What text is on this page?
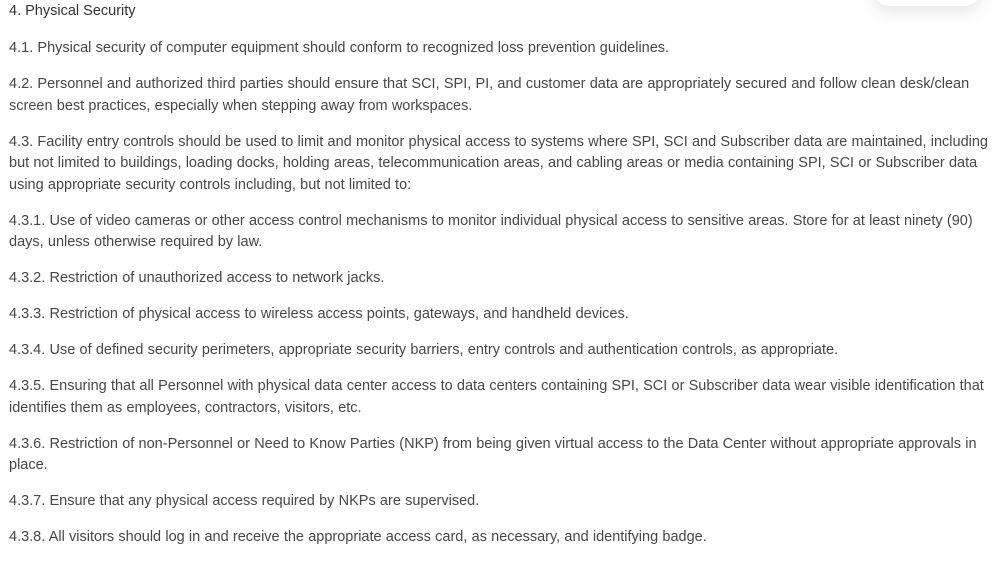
4. Physical Security

4.1. Physical security of computer equipment should conform to recognized loss prevention guidelines.

4.2. Personnel and authorized third parties should ensure that SCI, SPI, PI, and customer data are appropriately secured and follow clean desk/clean screen best practices, especially when stepping away from workspaces.

4.3. Facility entry controls should be used to limit and monitor physical access to systems where SPI, SCI and Subscriber data are maintained, including but not limited to buildings, loading docks, holding areas, telecommunication areas, and cabling areas or media containing SPI, SCI or Subscriber data using appropriate security controls including, but not limited to:

4.3.1. Use of video cameras or other access control mechanisms to monitor individual physical access to sensitive areas. Store for at least ninety (90) days, unless otherwise required by law.

4.3.2. Restriction of unauthorized access to network jacks.

4.3.3. Restriction of physical access to wireless access points, gateways, and handheld devices.

4.3.4. Use of defined security perimeters, appropriate security barriers, entry controls and authentication controls, as appropriate.

4.3.5. Ensuring that all Personnel with physical data center access to data centers containing SPI, SCI or Subscriber data wear visible identification that identifies them as employees, contractors, visitors, etc.

4.3.6. Restriction of non-Personnel or Need to Know Parties (NKP) from being given virtual access to the Data Center without appropriate approvals in place.

4.3.7. Ensure that any physical access required by NKPs are supervised.

4.3.8. All visitors should log in and receive the appropriate access card, as necessary, and identifying badge.
